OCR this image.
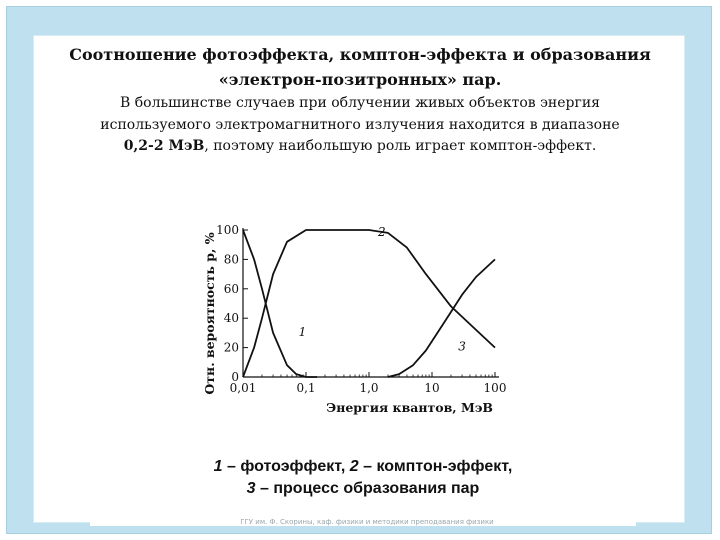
Соотношение фотоэффекта, комптон-эффекта и образования
«электрон-позитронных» пар.
В большинстве случаев при облучении живых объектов энергия
используемого электромагнитного излучения находится в диапазоне
0,2-2 МэВ, поэтому наибольшую роль играет комптон-эффект.
0,01	0,1	1,0	10	100
0
20
40
60
80
100
Энергия квантов, МэВ
Отн. вероятность p, %	1
2
3
1 – фотоэффект, 2 – комптон-эффект,
3 – процесс образования пар
ГГУ им. Ф. Скорины, каф. физики и методики преподавания физики
